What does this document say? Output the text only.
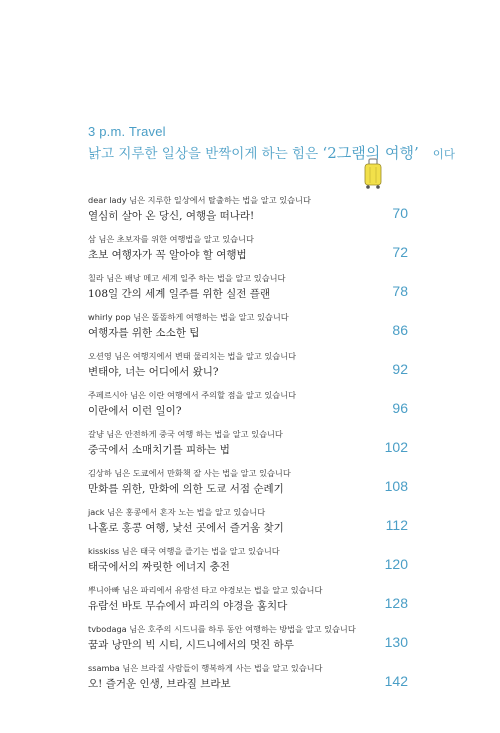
3 p.m. Travel
낡고 지루한 일상을 반짝이게 하는 힘은 ‘2그램의 여행’ 이다
dear lady 님은 지루한 일상에서 탈출하는 법을 알고 있습니다
열심히 살아 온 당신, 여행을 떠나라!	70
삼 님은 초보자를 위한 여행법을 알고 있습니다
초보 여행자가 꼭 알아야 할 여행법	72
칠라 님은 배낭 메고 세계 일주 하는 법을 알고 있습니다
108일 간의 세계 일주를 위한 실전 플랜	78
whirly pop 님은 똘똘하게 여행하는 법을 알고 있습니다
여행자를 위한 소소한 팁	86
오션영 님은 여행지에서 변태 물리치는 법을 알고 있습니다
변태야, 너는 어디에서 왔니?	92
주페르시아 님은 이란 여행에서 주의할 점을 알고 있습니다
이란에서 이런 일이?	96
갈냥 님은 안전하게 중국 여행 하는 법을 알고 있습니다
중국에서 소매치기를 피하는 법	102
김상하 님은 도쿄에서 만화책 잘 사는 법을 알고 있습니다
만화를 위한, 만화에 의한 도쿄 서점 순례기	108
jack 님은 홍콩에서 혼자 노는 법을 알고 있습니다
나홀로 홍콩 여행, 낯선 곳에서 즐거움 찾기	112
kisskiss 님은 태국 여행을 즐기는 법을 알고 있습니다
태국에서의 짜릿한 에너지 충전	120
뿌니아빠 님은 파리에서 유람선 타고 야경보는 법을 알고 있습니다
유람선 바토 무슈에서 파리의 야경을 훔치다	128
tvbodaga 님은 호주의 시드니를 하루 동안 여행하는 방법을 알고 있습니다
꿈과 낭만의 빅 시티, 시드니에서의 멋진 하루	130
ssamba 님은 브라질 사람들이 행복하게 사는 법을 알고 있습니다
오! 즐거운 인생, 브라질 브라보	142
